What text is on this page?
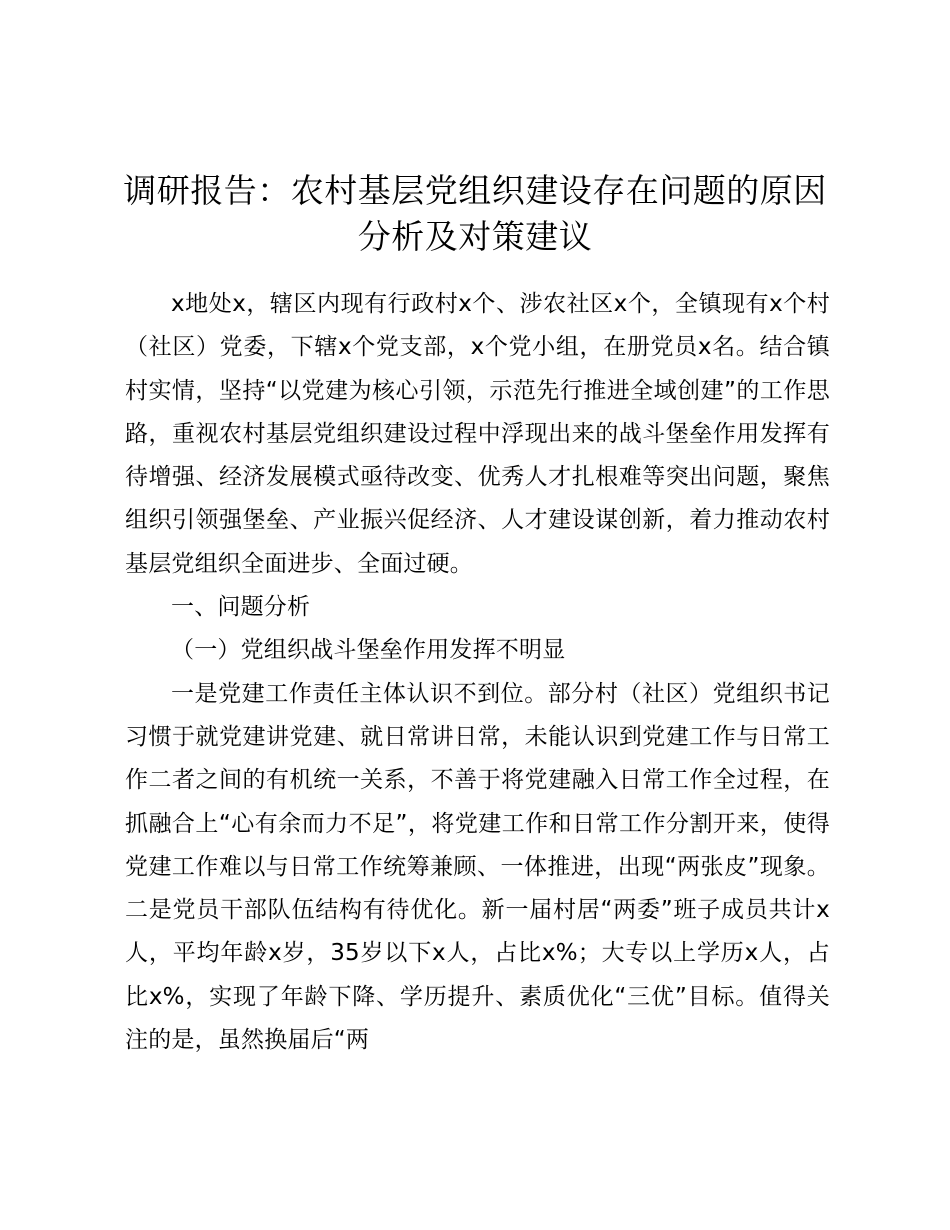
调研报告：农村基层党组织建设存在问题的原因分析及对策建议

x地处x，辖区内现有行政村x个、涉农社区x个，全镇现有x个村（社区）党委，下辖x个党支部，x个党小组，在册党员x名。结合镇村实情，坚持“以党建为核心引领，示范先行推进全域创建”的工作思路，重视农村基层党组织建设过程中浮现出来的战斗堡垒作用发挥有待增强、经济发展模式亟待改变、优秀人才扎根难等突出问题，聚焦组织引领强堡垒、产业振兴促经济、人才建设谋创新，着力推动农村基层党组织全面进步、全面过硬。

一、问题分析

（一）党组织战斗堡垒作用发挥不明显

一是党建工作责任主体认识不到位。部分村（社区）党组织书记习惯于就党建讲党建、就日常讲日常，未能认识到党建工作与日常工作二者之间的有机统一关系，不善于将党建融入日常工作全过程，在抓融合上“心有余而力不足”，将党建工作和日常工作分割开来，使得党建工作难以与日常工作统筹兼顾、一体推进，出现“两张皮”现象。二是党员干部队伍结构有待优化。新一届村居“两委”班子成员共计x人，平均年龄x岁，35岁以下x人，占比x%；大专以上学历x人，占比x%，实现了年龄下降、学历提升、素质优化“三优”目标。值得关注的是，虽然换届后“两
